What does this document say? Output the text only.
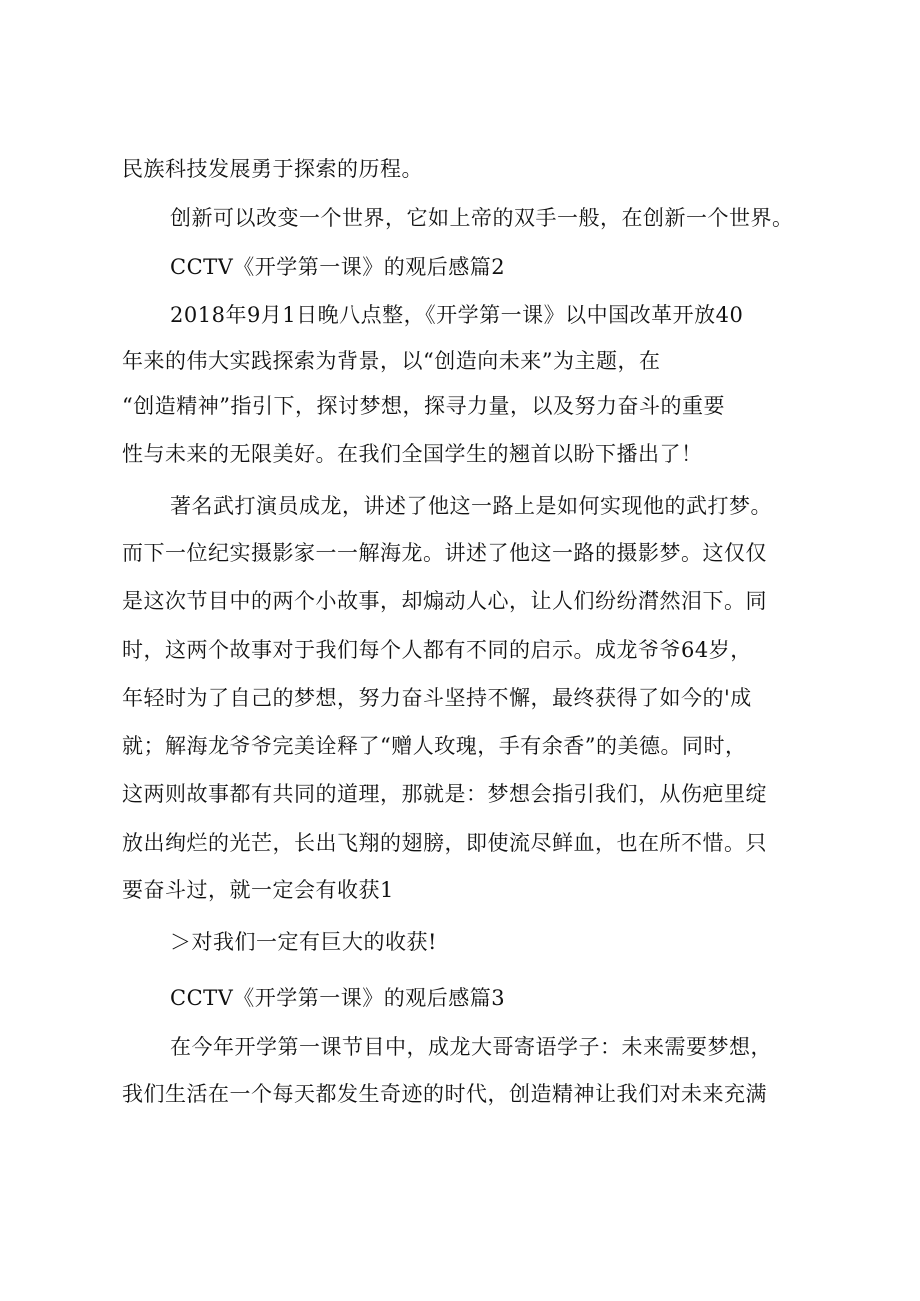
民族科技发展勇于探索的历程。
创新可以改变一个世界，它如上帝的双手一般，在创新一个世界。
CCTV《开学第一课》的观后感篇2
2018年9月1日晚八点整，《开学第一课》以中国改革开放40
年来的伟大实践探索为背景，以“创造向未来”为主题，在
“创造精神”指引下，探讨梦想，探寻力量，以及努力奋斗的重要
性与未来的无限美好。在我们全国学生的翘首以盼下播出了！
著名武打演员成龙，讲述了他这一路上是如何实现他的武打梦。
而下一位纪实摄影家一一解海龙。讲述了他这一路的摄影梦。这仅仅
是这次节目中的两个小故事，却煽动人心，让人们纷纷潸然泪下。同
时，这两个故事对于我们每个人都有不同的启示。成龙爷爷64岁，
年轻时为了自己的梦想，努力奋斗坚持不懈，最终获得了如今的'成
就；解海龙爷爷完美诠释了“赠人玫瑰，手有余香”的美德。同时，
这两则故事都有共同的道理，那就是：梦想会指引我们，从伤疤里绽
放出绚烂的光芒，长出飞翔的翅膀，即使流尽鲜血，也在所不惜。只
要奋斗过，就一定会有收获1
＞对我们一定有巨大的收获!
CCTV《开学第一课》的观后感篇3
在今年开学第一课节目中，成龙大哥寄语学子：未来需要梦想，
我们生活在一个每天都发生奇迹的时代，创造精神让我们对未来充满
